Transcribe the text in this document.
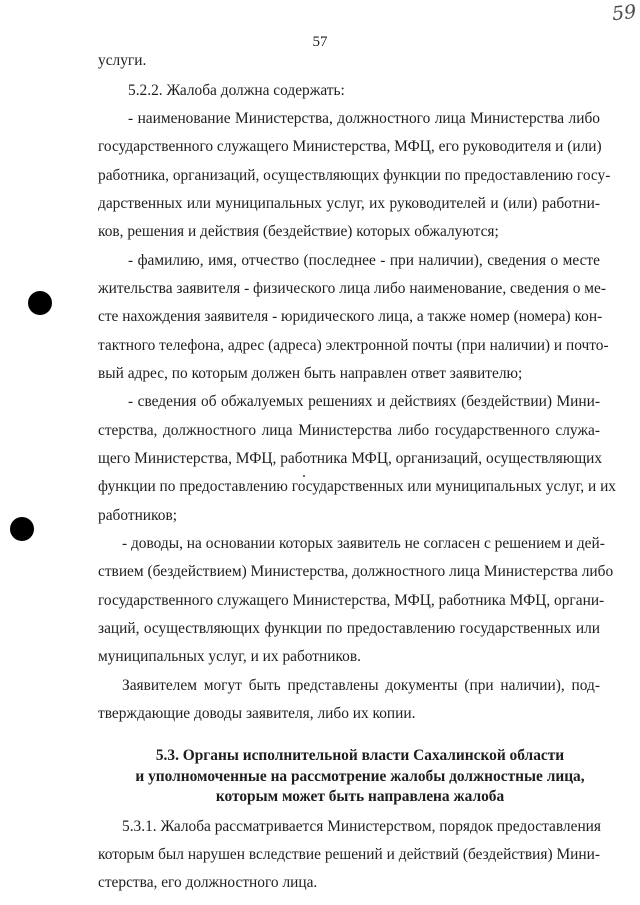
59
57
услуги.
5.2.2. Жалоба должна содержать:
- наименование Министерства, должностного лица Министерства либо
государственного служащего Министерства, МФЦ, его руководителя и (или)
работника, организаций, осуществляющих функции по предоставлению госу-
дарственных или муниципальных услуг, их руководителей и (или) работни-
ков, решения и действия (бездействие) которых обжалуются;
- фамилию, имя, отчество (последнее - при наличии), сведения о месте
жительства заявителя - физического лица либо наименование, сведения о ме-
сте нахождения заявителя - юридического лица, а также номер (номера) кон-
тактного телефона, адрес (адреса) электронной почты (при наличии) и почто-
вый адрес, по которым должен быть направлен ответ заявителю;
- сведения об обжалуемых решениях и действиях (бездействии) Мини-
стерства, должностного лица Министерства либо государственного служа-
щего Министерства, МФЦ, работника МФЦ, организаций, осуществляющих
функции по предоставлению государственных или муниципальных услуг, и их
работников;
- доводы, на основании которых заявитель не согласен с решением и дей-
ствием (бездействием) Министерства, должностного лица Министерства либо
государственного служащего Министерства, МФЦ, работника МФЦ, органи-
заций, осуществляющих функции по предоставлению государственных или
муниципальных услуг, и их работников.
Заявителем могут быть представлены документы (при наличии), под-
тверждающие доводы заявителя, либо их копии.
5.3. Органы исполнительной власти Сахалинской области
и уполномоченные на рассмотрение жалобы должностные лица,
которым может быть направлена жалоба
5.3.1. Жалоба рассматривается Министерством, порядок предоставления
которым был нарушен вследствие решений и действий (бездействия) Мини-
стерства, его должностного лица.
